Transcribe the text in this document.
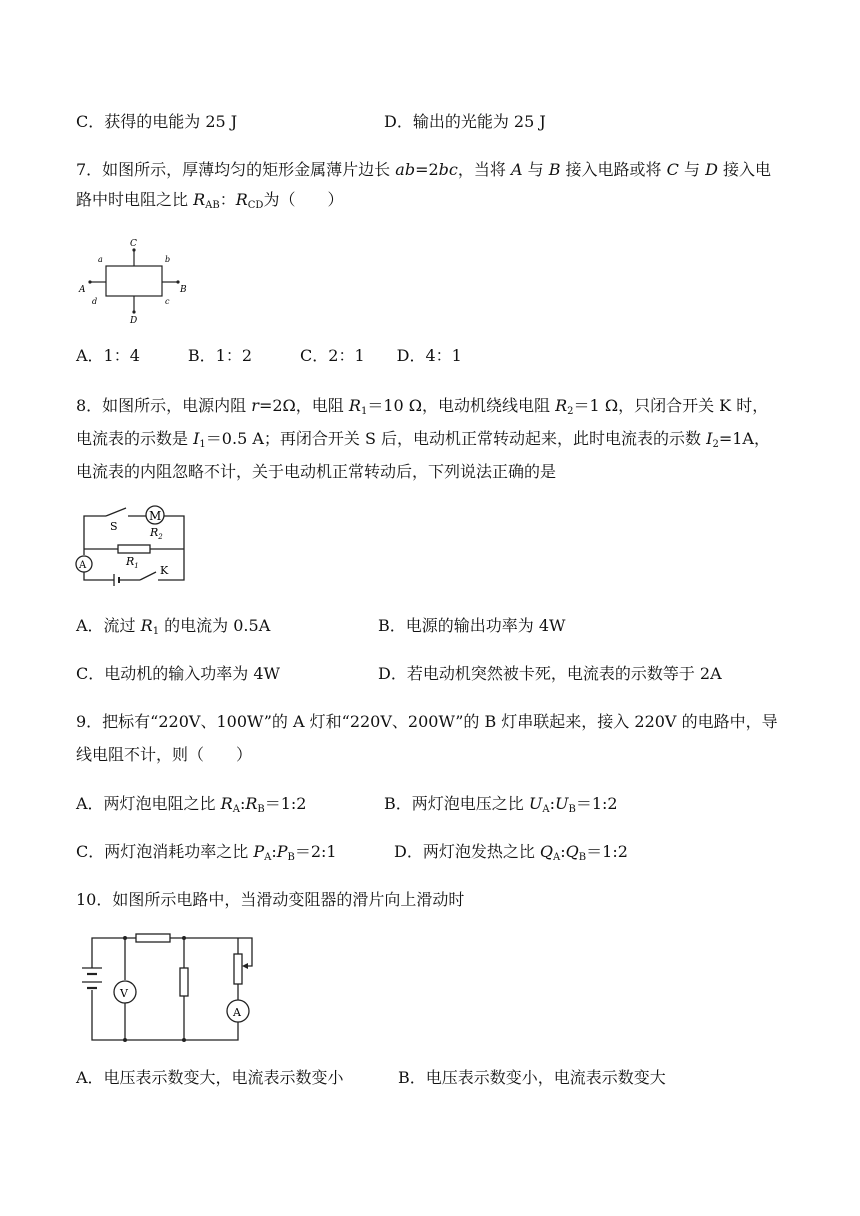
C．获得的电能为 25 J	D．输出的光能为 25 J
7．如图所示，厚薄均匀的矩形金属薄片边长 ab=2bc，当将 A 与 B 接入电路或将 C 与 D 接入电
路中时电阻之比 $R_{AB}$：$R_{CD}$为（　　）
C
D
a	b
c
d
A	B
A．1：4　　　B．1：2　　　C．2：1　　D．4：1
8．如图所示，电源内阻 r=2Ω，电阻 $R_1=10$ Ω，电动机绕线电阻 $R_2=1$ Ω，只闭合开关 K 时，
电流表的示数是 $I_1=0.5$ A；再闭合开关 S 后，电动机正常转动起来，此时电流表的示数 $I_2=1A$，
电流表的内阻忽略不计，关于电动机正常转动后，下列说法正确的是
M
S	$R_2$
$R_1$
A	K
A．流过 $R_1$ 的电流为 0.5A	B．电源的输出功率为 4W
C．电动机的输入功率为 4W	D．若电动机突然被卡死，电流表的示数等于 2A
9．把标有“220V、100W”的 A 灯和“220V、200W”的 B 灯串联起来，接入 220V 的电路中，导
线电阻不计，则（　　）
A．两灯泡电阻之比 $R_A:R_B=1:2$	B．两灯泡电压之比 $U_A:U_B=1:2$
C．两灯泡消耗功率之比 $P_A:P_B=2:1$	D．两灯泡发热之比 $Q_A:Q_B=1:2$
10．如图所示电路中，当滑动变阻器的滑片向上滑动时
V
A
A．电压表示数变大，电流表示数变小	B．电压表示数变小，电流表示数变大
